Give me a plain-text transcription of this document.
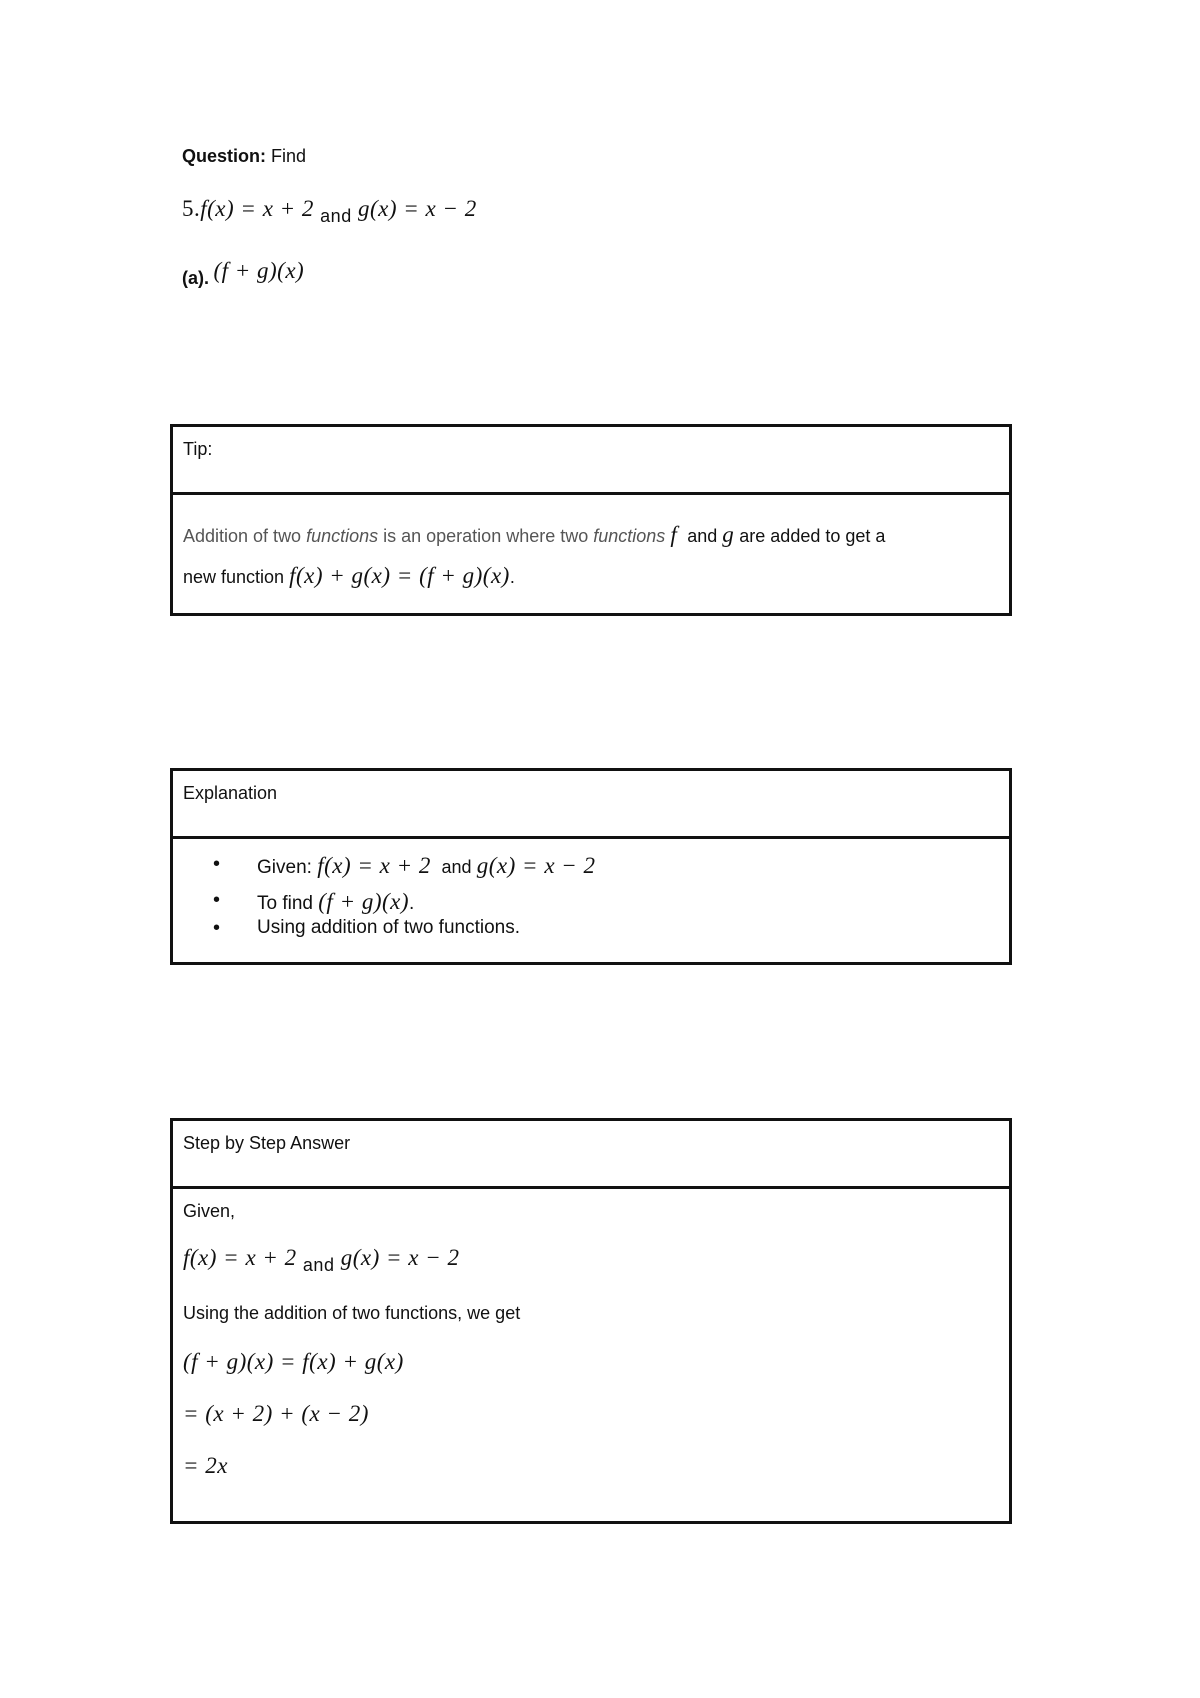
Question: Find
5.f(x) = x + 2 $_{and}$ g(x) = x − 2
(a). (f + g)(x)
Tip:
Addition of two functions is an operation where two functions f and g are added to get a
new function f(x) + g(x) = (f + g)(x).
Explanation
• Given: f(x) = x + 2 and g(x) = x − 2
• To find (f + g)(x).
• Using addition of two functions.
Step by Step Answer
Given,
f(x) = x + 2 $_{and}$ g(x) = x − 2
Using the addition of two functions, we get
(f + g)(x) = f(x) + g(x)
= (x + 2) + (x − 2)
= 2x
